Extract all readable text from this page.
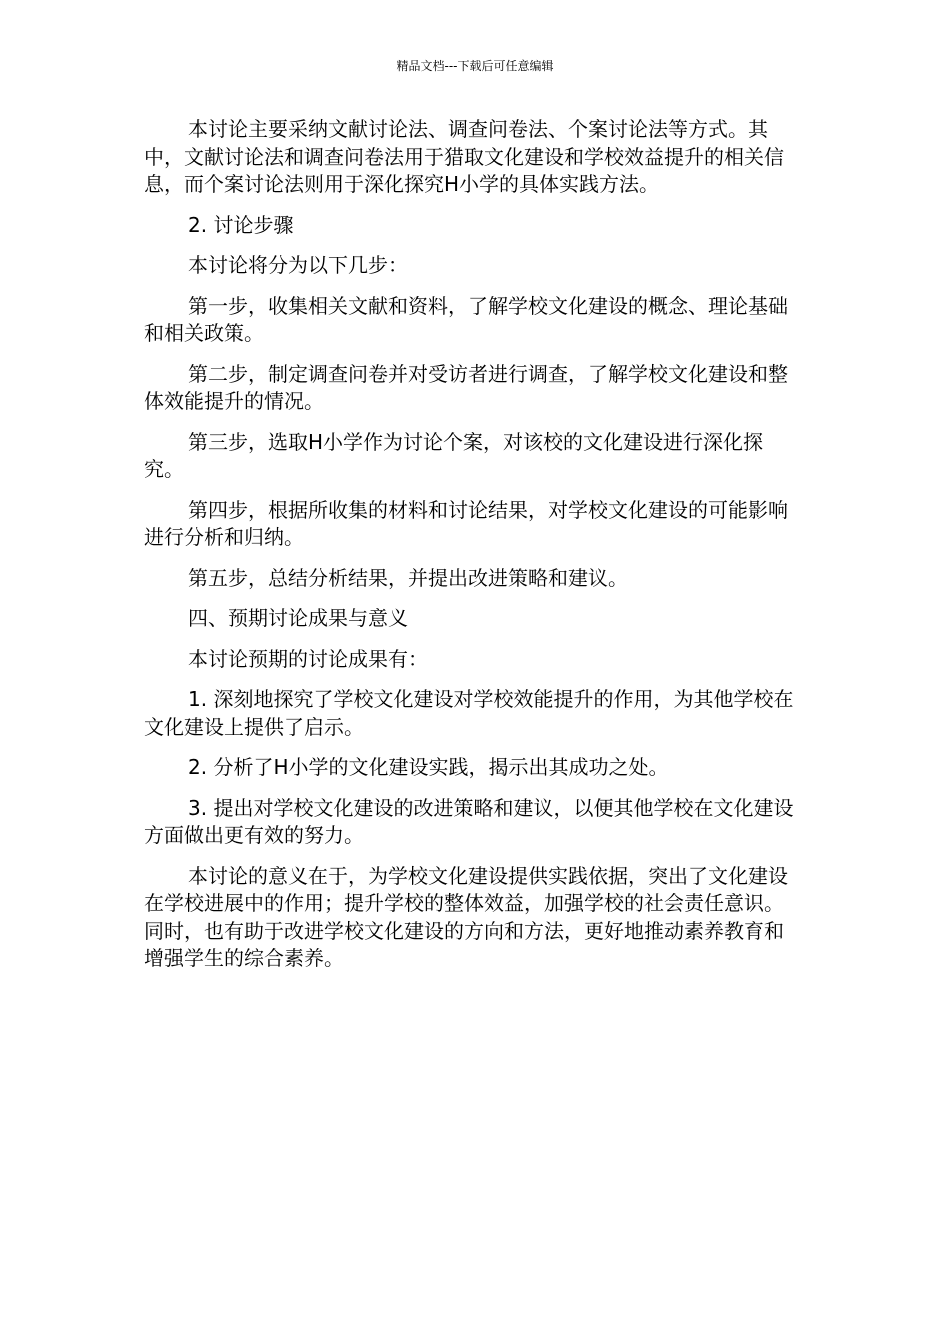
精品文档---下载后可任意编辑

本讨论主要采纳文献讨论法、调查问卷法、个案讨论法等方式。其中，文献讨论法和调查问卷法用于猎取文化建设和学校效益提升的相关信息，而个案讨论法则用于深化探究H小学的具体实践方法。

2. 讨论步骤

本讨论将分为以下几步：

第一步，收集相关文献和资料，了解学校文化建设的概念、理论基础和相关政策。

第二步，制定调查问卷并对受访者进行调查，了解学校文化建设和整体效能提升的情况。

第三步，选取H小学作为讨论个案，对该校的文化建设进行深化探究。

第四步，根据所收集的材料和讨论结果，对学校文化建设的可能影响进行分析和归纳。

第五步，总结分析结果，并提出改进策略和建议。

四、预期讨论成果与意义

本讨论预期的讨论成果有：

1. 深刻地探究了学校文化建设对学校效能提升的作用，为其他学校在文化建设上提供了启示。

2. 分析了H小学的文化建设实践，揭示出其成功之处。

3. 提出对学校文化建设的改进策略和建议，以便其他学校在文化建设方面做出更有效的努力。

本讨论的意义在于，为学校文化建设提供实践依据，突出了文化建设在学校进展中的作用；提升学校的整体效益，加强学校的社会责任意识。同时，也有助于改进学校文化建设的方向和方法，更好地推动素养教育和增强学生的综合素养。
